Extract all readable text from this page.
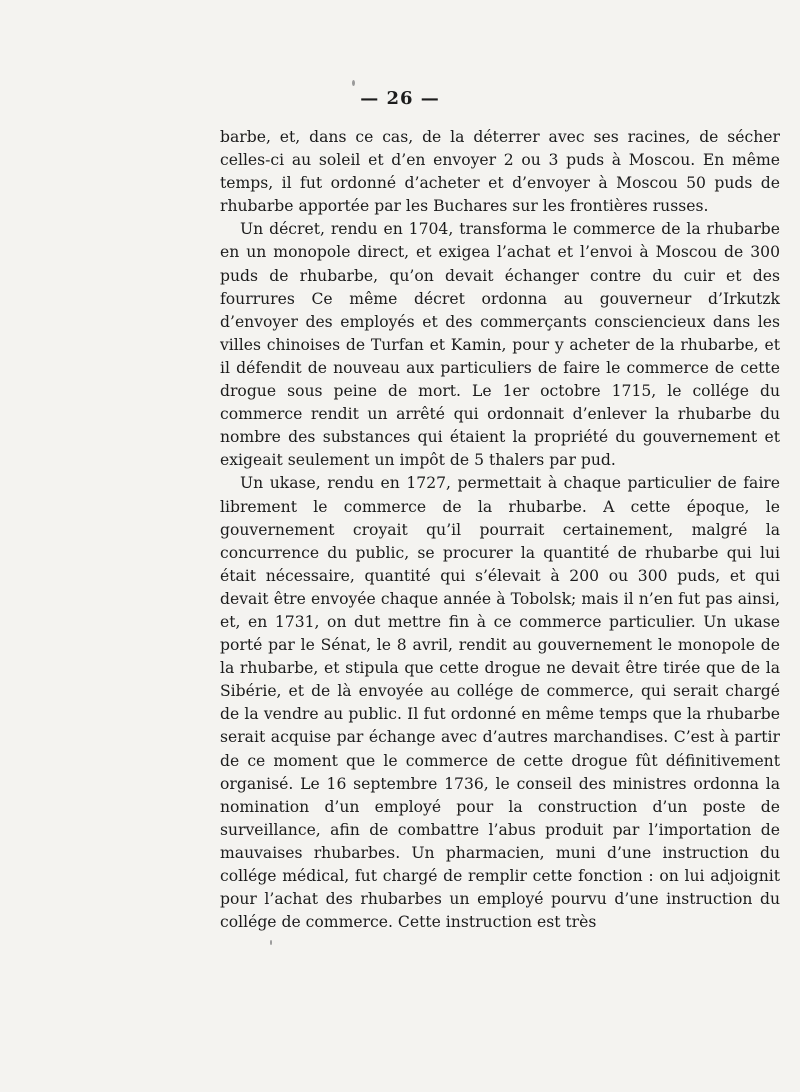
— 26 —

barbe, et, dans ce cas, de la déterrer avec ses racines, de sécher celles-ci au soleil et d’en envoyer 2 ou 3 puds à Moscou. En même temps, il fut ordonné d’acheter et d’envoyer à Moscou 50 puds de rhubarbe apportée par les Buchares sur les frontières russes.

Un décret, rendu en 1704, transforma le commerce de la rhubarbe en un monopole direct, et exigea l’achat et l’envoi à Moscou de 300 puds de rhubarbe, qu’on devait échanger contre du cuir et des fourrures Ce même décret ordonna au gouverneur d’Irkutzk d’envoyer des employés et des commerçants consciencieux dans les villes chinoises de Turfan et Kamin, pour y acheter de la rhubarbe, et il défendit de nouveau aux particuliers de faire le commerce de cette drogue sous peine de mort. Le 1er octobre 1715, le collége du commerce rendit un arrêté qui ordonnait d’enlever la rhubarbe du nombre des substances qui étaient la propriété du gouvernement et exigeait seulement un impôt de 5 thalers par pud.

Un ukase, rendu en 1727, permettait à chaque particulier de faire librement le commerce de la rhubarbe. A cette époque, le gouvernement croyait qu’il pourrait certainement, malgré la concurrence du public, se procurer la quantité de rhubarbe qui lui était nécessaire, quantité qui s’élevait à 200 ou 300 puds, et qui devait être envoyée chaque année à Tobolsk; mais il n’en fut pas ainsi, et, en 1731, on dut mettre fin à ce commerce particulier. Un ukase porté par le Sénat, le 8 avril, rendit au gouvernement le monopole de la rhubarbe, et stipula que cette drogue ne devait être tirée que de la Sibérie, et de là envoyée au collége de commerce, qui serait chargé de la vendre au public. Il fut ordonné en même temps que la rhubarbe serait acquise par échange avec d’autres marchandises. C’est à partir de ce moment que le commerce de cette drogue fût définitivement organisé. Le 16 septembre 1736, le conseil des ministres ordonna la nomination d’un employé pour la construction d’un poste de surveillance, afin de combattre l’abus produit par l’importation de mauvaises rhubarbes. Un pharmacien, muni d’une instruction du collége médical, fut chargé de remplir cette fonction : on lui adjoignit pour l’achat des rhubarbes un employé pourvu d’une instruction du collége de commerce. Cette instruction est très
